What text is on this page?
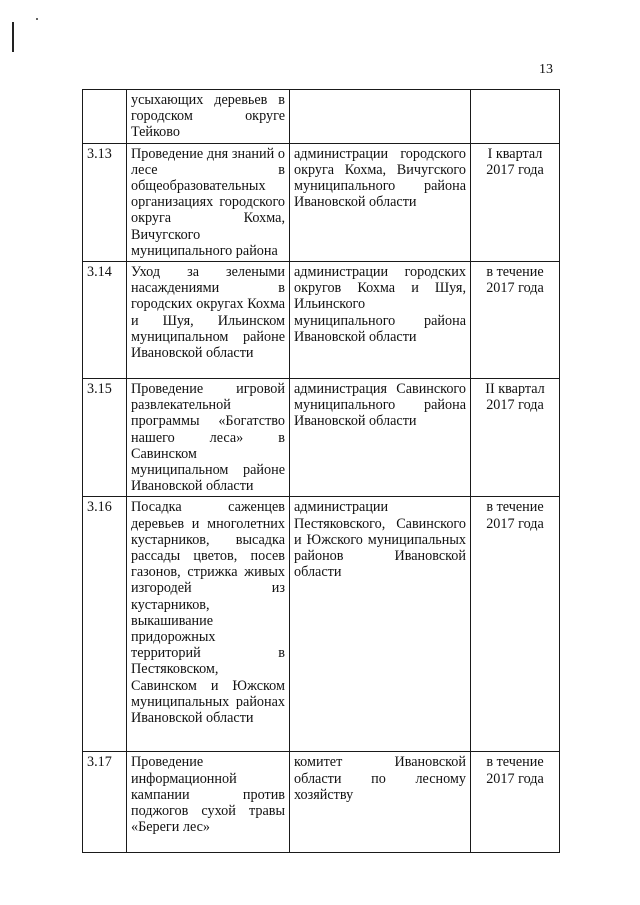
13
	усыхающих деревьев в городском округе Тейково		
3.13	Проведение дня знаний о лесе в общеобразовательных организациях городского округа Кохма, Вичугского муниципального района	администрации городского округа Кохма, Вичугского муниципального района Ивановской области	I квартал 2017 года
3.14	Уход за зелеными насаждениями в городских округах Кохма и Шуя, Ильинском муниципальном районе Ивановской области	администрации городских округов Кохма и Шуя, Ильинского муниципального района Ивановской области	в течение 2017 года
3.15	Проведение игровой развлекательной программы «Богатство нашего леса» в Савинском муниципальном районе Ивановской области	администрация Савинского муниципального района Ивановской области	II квартал 2017 года
3.16	Посадка саженцев деревьев и многолетних кустарников, высадка рассады цветов, посев газонов, стрижка живых изгородей из кустарников, выкашивание придорожных территорий в Пестяковском, Савинском и Южском муниципальных районах Ивановской области	администрации Пестяковского, Савинского и Южского муниципальных районов Ивановской области	в течение 2017 года
3.17	Проведение информационной кампании против поджогов сухой травы «Береги лес»	комитет Ивановской области по лесному хозяйству	в течение 2017 года
